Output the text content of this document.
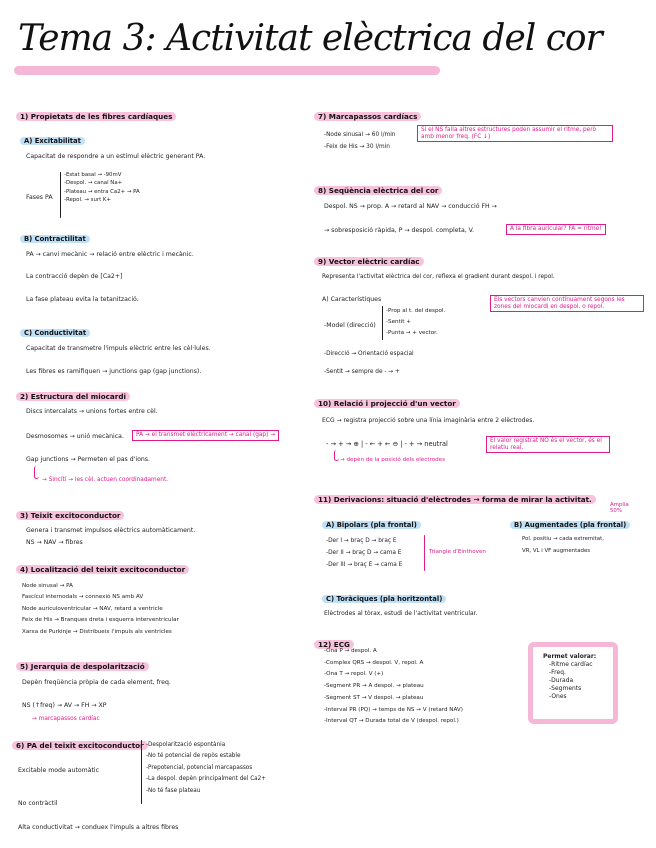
Tema 3: Activitat elèctrica del cor
1) Propietats de les fibres cardíaques
A) Excitabilitat
Capacitat de respondre a un estímul elèctric generant PA.
Fases PA
-Estat basal → -90mV
-Despol. → canal Na+
-Plateau → entra Ca2+ → PA
-Repol. → surt K+
B) Contractilitat
PA → canvi mecànic → relació entre elèctric i mecànic.
La contracció depèn de [Ca2+]
La fase plateau evita la tetanització.
C) Conductivitat
Capacitat de transmetre l'impuls elèctric entre les cèl·lules.
Les fibres es ramifiquen → junctions gap (gap junctions).
2) Estructura del miocardi
Discs intercalats → unions fortes entre cèl.
Desmosomes → unió mecànica.	PA → el transmet elèctricament → canal (gap) →
Gap junctions → Permeten el pas d'ions.
→ Sincítí → les cèl. actuen coordinadament.
3) Teixit excitoconductor
Genera i transmet impulsos elèctrics automàticament.
NS → NAV → fibres
4) Localització del teixit excitoconductor
Node sinusal → PA
Fascícul internodals → connexió NS amb AV
Node auriculoventricular → NAV, retard a ventricle
Feix de His → Branques dreta i esquerra interventricular
Xarxa de Purkinje → Distribueix l'impuls als ventricles
5) Jerarquia de despolarització
Depèn freqüència pròpia de cada element, freq.
NS (↑freq) → AV → FH → XP
→ marcapassos cardíac
6) PA del teixit excitoconductor
Excitable mode automàtic
-Despolarització espontània
-No té potencial de repòs estable
-Prepotencial, potencial marcapassos
-La despol. depèn principalment del Ca2+
-No té fase plateau
No contràctil
Alta conductivitat → conduex l'impuls a altres fibres
7) Marcapassos cardíacs
-Node sinusal → 60 l/min
-Feix de His → 30 l/min
Si el NS falla altres estructures poden assumir el ritme, però amb menor freq. (FC ↓)
8) Seqüència elèctrica del cor
Despol. NS → prop. A → retard al NAV → conducció FH →
→ sobresposició ràpida, P → despol. completa, V.	A la fibra auricular? FA = ritme!
9) Vector elèctric cardíac
Representa l'activitat elèctrica del cor, reflexa el gradient durant despol. i repol.
A) Característiques
-Model (direcció)
-Prop al t. del despol.
-Sentit +
-Punta → + vector.
Els vectors canvien contínuament segons les zones del miocardi en despol. o repol.
-Direcció → Orientació espacial
-Sentit → sempre de - → +
10) Relació i projecció d'un vector
ECG → registra projecció sobre una línia imaginària entre 2 elèctrodes.
- → + → ⊕ | - ← + ← ⊖ | - + → neutral
→ depèn de la posició dels elèctrodes
El valor registrat NO és el vector, és el relatiu real.
11) Derivacions: situació d'elèctrodes → forma de mirar la activitat.
A) Bipolars (pla frontal)
-Der I → braç D → braç E
-Der II → braç D → cama E
-Der III → braç E → cama E
Triangle d'Einthoven
B) Augmentades (pla frontal)
Amplia 50%
Pol. positiu → cada extremitat,
VR, VL i VF augmentades
C) Toràciques (pla horitzontal)
Elèctrodes al tòrax, estudi de l'activitat ventricular.
12) ECG
-Ona P → despol. A
-Complex QRS → despol. V, repol. A
-Ona T → repol. V (+)
-Segment PR → A despol. → plateau
-Segment ST → V despol. → plateau
-Interval PR (PQ) → temps de NS → V (retard NAV)
-Interval QT → Durada total de V (despol. repol.)
Permet valorar:
-Ritme cardíac
-Freq.
-Durada
-Segments
-Ones
